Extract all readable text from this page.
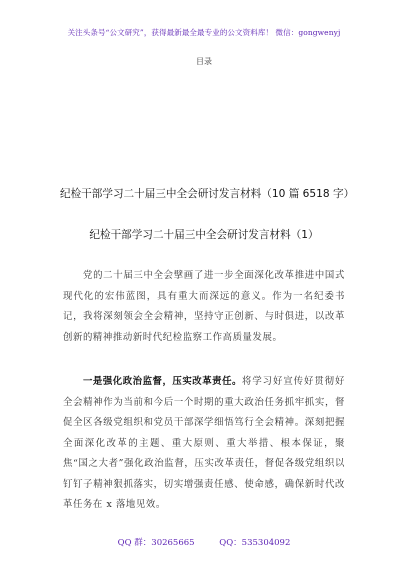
关注头条号“公文研究”，获得最新最全最专业的公文资料库！ 微信：gongwenyj
目录
纪检干部学习二十届三中全会研讨发言材料（10 篇 6518 字）
纪检干部学习二十届三中全会研讨发言材料（1）

党的二十届三中全会擘画了进一步全面深化改革推进中国式现代化的宏伟蓝图，具有重大而深远的意义。作为一名纪委书记，我将深刻领会全会精神，坚持守正创新、与时俱进，以改革创新的精神推动新时代纪检监察工作高质量发展。

一是强化政治监督，压实改革责任。将学习好宣传好贯彻好全会精神作为当前和今后一个时期的重大政治任务抓牢抓实，督促全区各级党组织和党员干部深学细悟笃行全会精神。深刻把握全面深化改革的主题、重大原则、重大举措、根本保证，聚焦“国之大者”强化政治监督，压实改革责任，督促各级党组织以钉钉子精神狠抓落实，切实增强责任感、使命感，确保新时代改革任务在 x 落地见效。

QQ 群：30265665	QQ：535304092
